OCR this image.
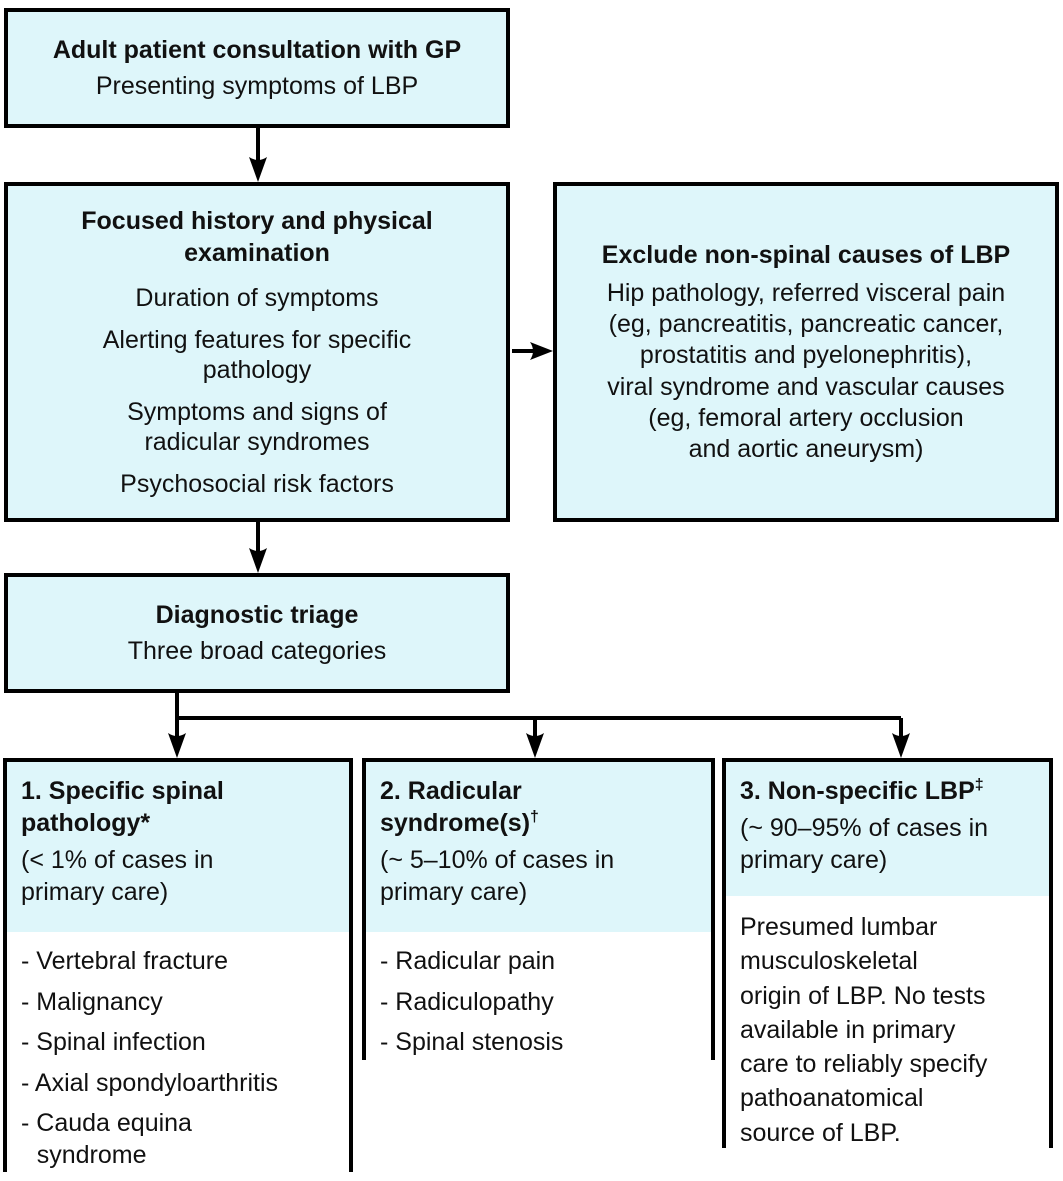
Adult patient consultation with GP
Presenting symptoms of LBP
Focused history and physical examination
Duration of symptoms
Alerting features for specific
pathology
Symptoms and signs of
radicular syndromes
Psychosocial risk factors
Exclude non-spinal causes of LBP
Hip pathology, referred visceral pain
(eg, pancreatitis, pancreatic cancer,
prostatitis and pyelonephritis),
viral syndrome and vascular causes
(eg, femoral artery occlusion
and aortic aneurysm)
Diagnostic triage
Three broad categories
1. Specific spinal
pathology*
(< 1% of cases in
primary care)
- Vertebral fracture
- Malignancy
- Spinal infection
- Axial spondyloarthritis
- Cauda equina
syndrome
2. Radicular
syndrome(s)†
(~ 5–10% of cases in
primary care)
- Radicular pain
- Radiculopathy
- Spinal stenosis
3. Non-specific LBP‡
(~ 90–95% of cases in
primary care)
Presumed lumbar
musculoskeletal
origin of LBP. No tests
available in primary
care to reliably specify
pathoanatomical
source of LBP.
